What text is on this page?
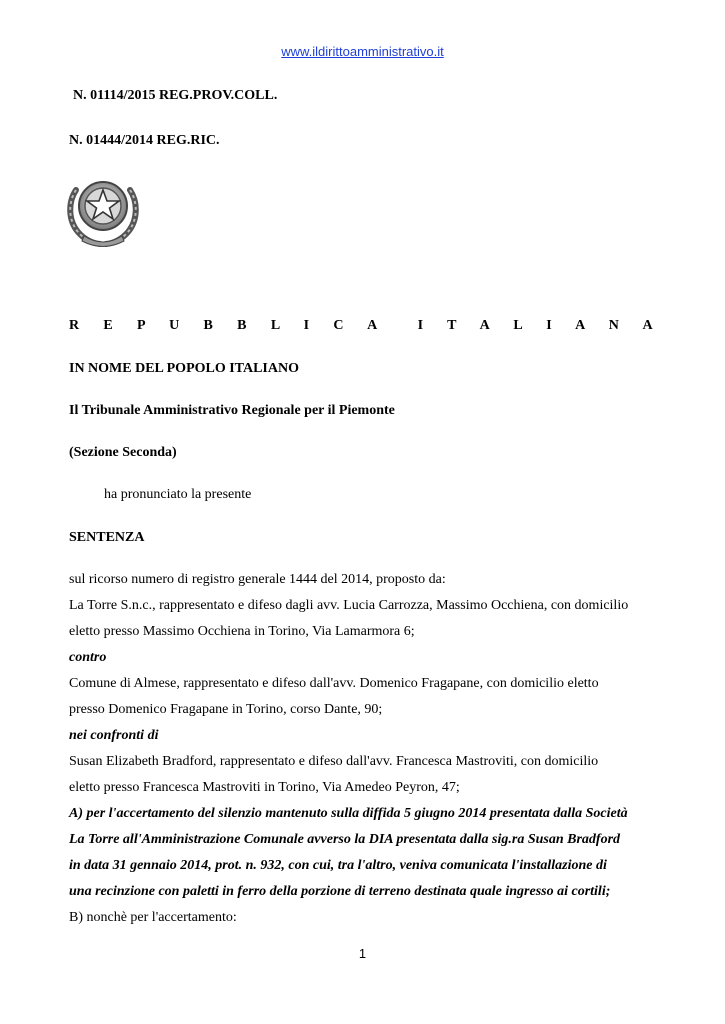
www.ildirittoamministrativo.it
N. 01114/2015 REG.PROV.COLL.
N. 01444/2014 REG.RIC.
R E P U B B L I C A I T A L I A N A
IN NOME DEL POPOLO ITALIANO
Il Tribunale Amministrativo Regionale per il Piemonte
(Sezione Seconda)
ha pronunciato la presente
SENTENZA
sul ricorso numero di registro generale 1444 del 2014, proposto da:
La Torre S.n.c., rappresentato e difeso dagli avv. Lucia Carrozza, Massimo Occhiena, con domicilio
eletto presso Massimo Occhiena in Torino, Via Lamarmora 6;
contro
Comune di Almese, rappresentato e difeso dall'avv. Domenico Fragapane, con domicilio eletto
presso Domenico Fragapane in Torino, corso Dante, 90;
nei confronti di
Susan Elizabeth Bradford, rappresentato e difeso dall'avv. Francesca Mastroviti, con domicilio
eletto presso Francesca Mastroviti in Torino, Via Amedeo Peyron, 47;
A) per l'accertamento del silenzio mantenuto sulla diffida 5 giugno 2014 presentata dalla Società
La Torre all'Amministrazione Comunale avverso la DIA presentata dalla sig.ra Susan Bradford
in data 31 gennaio 2014, prot. n. 932, con cui, tra l'altro, veniva comunicata l'installazione di
una recinzione con paletti in ferro della porzione di terreno destinata quale ingresso ai cortili;
B) nonchè per l'accertamento:
1
